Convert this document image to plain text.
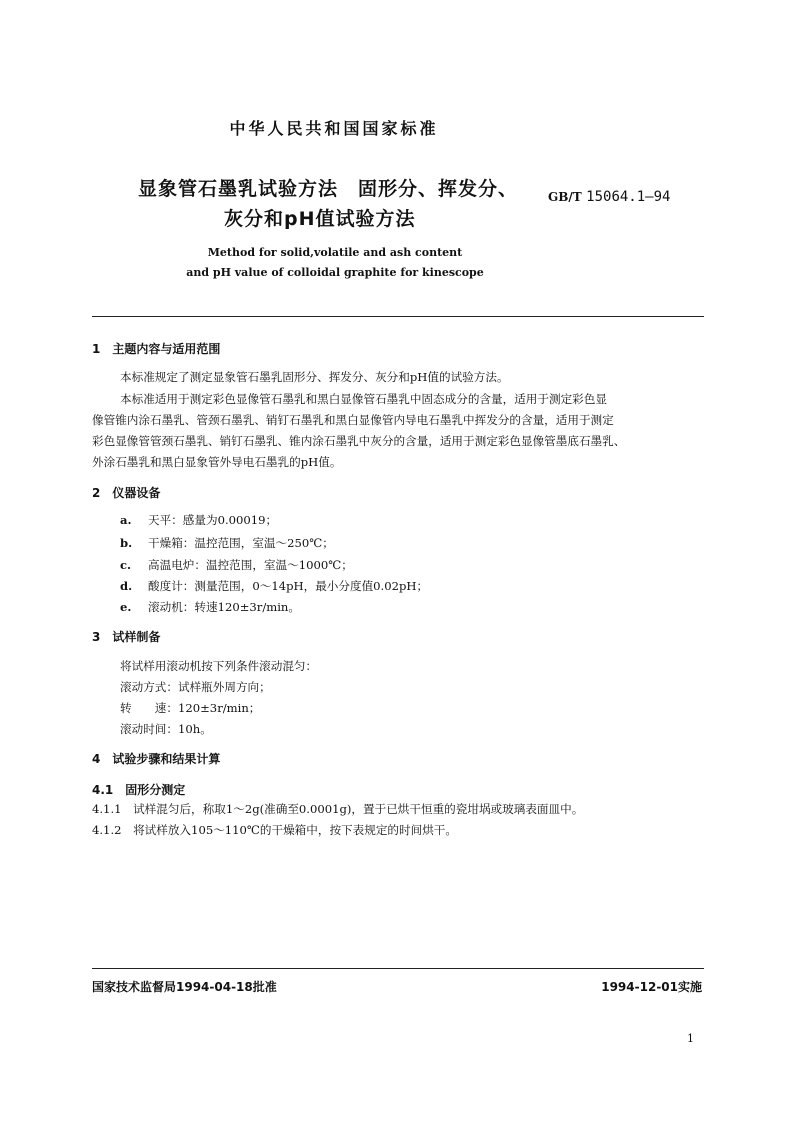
中华人民共和国国家标准
显象管石墨乳试验方法　固形分、挥发分、
灰分和pH值试验方法
GB/T 15064.1—94
Method for solid,volatile and ash content
and pH value of colloidal graphite for kinescope
1　主题内容与适用范围
本标准规定了测定显象管石墨乳固形分、挥发分、灰分和pH值的试验方法。
本标准适用于测定彩色显像管石墨乳和黑白显像管石墨乳中固态成分的含量，适用于测定彩色显
像管锥内涂石墨乳、管颈石墨乳、销钉石墨乳和黑白显像管内导电石墨乳中挥发分的含量，适用于测定
彩色显像管管颈石墨乳、销钉石墨乳、锥内涂石墨乳中灰分的含量，适用于测定彩色显像管墨底石墨乳、
外涂石墨乳和黑白显象管外导电石墨乳的pH值。
2　仪器设备
a. 天平：感量为0.00019；
b. 干燥箱：温控范围，室温～250℃；
c. 高温电炉：温控范围，室温～1000℃；
d. 酸度计：测量范围，0～14pH，最小分度值0.02pH；
e. 滚动机：转速120±3r/min。
3　试样制备
将试样用滚动机按下列条件滚动混匀：
滚动方式：试样瓶外周方向；
转　　速：120±3r/min；
滚动时间：10h。
4　试验步骤和结果计算
4.1　固形分测定
4.1.1　试样混匀后，称取1～2g(准确至0.0001g)，置于已烘干恒重的瓷坩埚或玻璃表面皿中。
4.1.2　将试样放入105～110℃的干燥箱中，按下表规定的时间烘干。
国家技术监督局1994-04-18批准	1994-12-01实施
1
